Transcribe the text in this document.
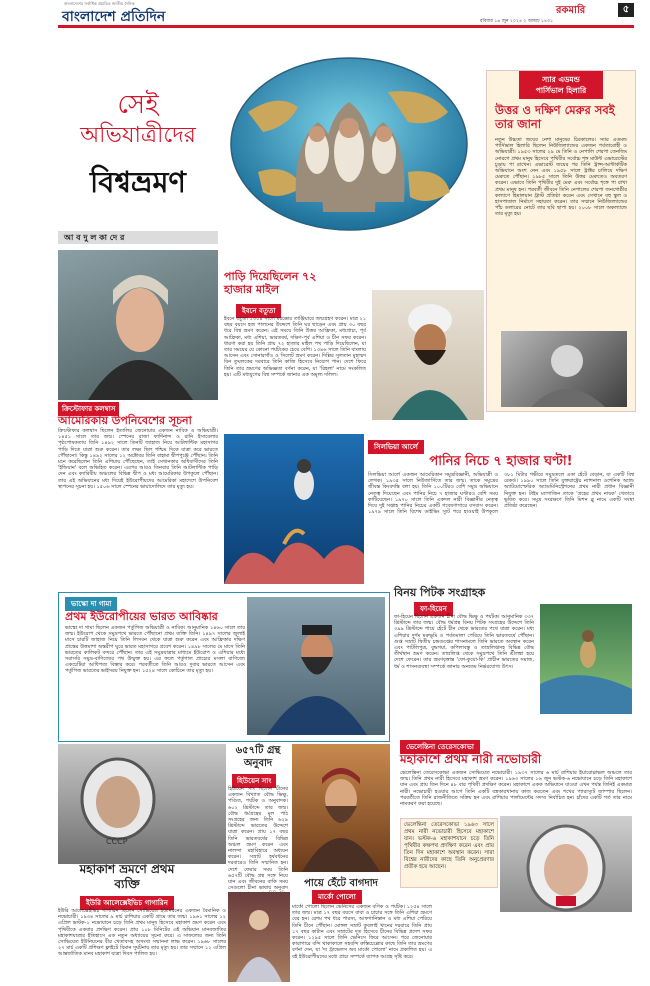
বাংলাদেশের সর্বাধিক প্রচারিত জাতীয় দৈনিক
বাংলাদেশ প্রতিদিন	রকমারি	৫
রবিবার ১৬ জুন ২০২৪ ২ আষাঢ় ১৪৩১
সেই
অভিযাত্রীদের
বিশ্বভ্রমণ
আ ব দু ল কা দে র
স্যার এডমন্ড
পার্সিভাল হিলারি
উত্তর ও দক্ষিণ মেরুর সবই তার জানা
নতুন উচ্চতা জয়ের নেশা মানুষের চিরকালের। স্যার এডমন্ড পার্সিভাল হিলারি ছিলেন নিউজিল্যান্ডের একজন পর্বতারোহী ও অভিযাত্রী। ১৯৫৩ সালের ২৯ মে তিনি ও নেপালি শেরপা তেনজিং নোরগে প্রথম মানুষ হিসেবে পৃথিবীর সর্বোচ্চ শৃঙ্গ মাউন্ট এভারেস্টের চূড়ায় পা রাখেন। এভারেস্ট জয়ের পর তিনি ট্রান্স-আন্টার্কটিক অভিযানে অংশ নেন এবং ১৯৫৮ সালে ট্রাক্টর চালিয়ে দক্ষিণ মেরুতে পৌঁছান। ১৯৮৫ সালে তিনি উত্তর মেরুতেও অবতরণ করেন। এভাবে তিনি পৃথিবীর দুই মেরু এবং সর্বোচ্চ শৃঙ্গে পা রাখা প্রথম মানুষ হন। পরবর্তী জীবনে তিনি নেপালের শেরপা জনগোষ্ঠীর কল্যাণে হিমালয়ান ট্রাস্ট প্রতিষ্ঠা করেন এবং সেখানে বহু স্কুল ও হাসপাতাল নির্মাণে সহায়তা করেন। তার সম্মানে নিউজিল্যান্ডের পাঁচ ডলারের নোটে তার ছবি ছাপা হয়। ২০০৮ সালে অকল্যান্ডে তার মৃত্যু হয়।
ক্রিস্টোফার কলম্বাস
আমেরিকায় উপনিবেশের সূচনা
ক্রিস্টোফার কলম্বাস ছিলেন ইতালির জেনোয়ার একজন নাবিক ও অভিযাত্রী। ১৪৫১ সালে তার জন্ম। স্পেনের রাজা ফার্দিনান্দ ও রানি ইসাবেলার পৃষ্ঠপোষকতায় তিনি ১৪৯২ সালে তিনটি জাহাজ নিয়ে আটলান্টিক মহাসাগর পাড়ি দিতে যাত্রা শুরু করেন। তার লক্ষ্য ছিল পশ্চিম দিকে যাত্রা করে ভারতে পৌঁছানো। কিন্তু ১৪৯২ সালের ১২ অক্টোবর তিনি বাহামা দ্বীপপুঞ্জে পৌঁছান। তিনি মনে করেছিলেন তিনি এশিয়ায় পৌঁছেছেন, তাই সেখানকার অধিবাসীদের তিনি 'ইন্ডিয়ান' বলে অভিহিত করেন। এরপর আরও তিনবার তিনি আটলান্টিক পাড়ি দেন এবং ক্যারিবীয় অঞ্চলের বিভিন্ন দ্বীপ ও মধ্য আমেরিকার উপকূলে পৌঁছান। তার এই অভিযানের মধ্য দিয়েই ইউরোপীয়দের আমেরিকা মহাদেশে উপনিবেশ স্থাপনের সূচনা হয়। ১৫০৬ সালে স্পেনের ভায়াদোলিদে তার মৃত্যু হয়।
পাড়ি দিয়েছিলেন ৭২ হাজার মাইল
ইবনে বতুতা
ইবনে বতুতা ১৩০৪ সালে মরক্কোর তাঞ্জিয়ারে জন্মগ্রহণ করেন। মাত্র ২১ বছর বয়সে হজ পালনের উদ্দেশে তিনি ঘর ছাড়েন এবং প্রায় ৩০ বছর ধরে বিশ্ব ভ্রমণ করেন। এই সময়ে তিনি উত্তর আফ্রিকা, মধ্যপ্রাচ্য, পূর্ব আফ্রিকা, মধ্য এশিয়া, ভারতবর্ষ, দক্ষিণ-পূর্ব এশিয়া ও চীন সফর করেন। ধারণা করা হয় তিনি প্রায় ৭২ হাজার মাইল পথ পাড়ি দিয়েছিলেন, যা তার সময়ের যে কোনো পর্যটকের চেয়ে বেশি। ১৩৪৬ সালে তিনি বাংলায় আসেন এবং সোনারগাঁও ও সিলেট ভ্রমণ করেন। দিল্লির সুলতান মুহাম্মদ বিন তুঘলকের দরবারে তিনি কাজি হিসেবে নিয়োগ পান। দেশে ফিরে তিনি তার ভ্রমণের অভিজ্ঞতা বর্ণনা করেন, যা 'রিহলা' নামে সংকলিত হয়। এটি মধ্যযুগের বিশ্ব সম্পর্কে জানার এক অমূল্য দলিল।
সিলভিয়া আর্লে
পানির নিচে ৭ হাজার ঘণ্টা!
সিলভিয়া আর্লে একজন আমেরিকান সমুদ্রবিজ্ঞানী, অভিযাত্রী ও লেখক। ১৯৩৫ সালে নিউজার্সিতে তার জন্ম। তাকে সমুদ্রের জীবন্ত কিংবদন্তি বলা হয়। তিনি ১০০টিরও বেশি সমুদ্র অভিযানে নেতৃত্ব দিয়েছেন এবং পানির নিচে ৭ হাজার ঘণ্টারও বেশি সময় কাটিয়েছেন। ১৯৭০ সালে তিনি একদল নারী বিজ্ঞানীর নেতৃত্ব দিয়ে দুই সপ্তাহ পানির নিচের একটি গবেষণাগারে বসবাস করেন। ১৯৭৯ সালে তিনি বিশেষ ডাইভিং স্যুট পরে হাওয়াই উপকূলে ৩৮১ মিটার গভীরে সমুদ্রতলে একা হেঁটে বেড়ান, যা একটি বিশ্ব রেকর্ড। ১৯৯০ সালে তিনি যুক্তরাষ্ট্রের ন্যাশনাল ওশেনিক অ্যান্ড অ্যাটমোস্ফেরিক অ্যাডমিনিস্ট্রেশনের প্রথম নারী প্রধান বিজ্ঞানী নিযুক্ত হন। টাইম ম্যাগাজিন তাকে 'গ্রহের প্রথম নায়ক' খেতাবে ভূষিত করে। সমুদ্র সংরক্ষণে তিনি মিশন ব্লু নামে একটি সংস্থা প্রতিষ্ঠা করেছেন।
ভাস্কো দা গামা
প্রথম ইউরোপীয়ের ভারত আবিষ্কার
ভাস্কো দা গামা ছিলেন একজন পর্তুগিজ অভিযাত্রী ও নাবিক। আনুমানিক ১৪৬০ সালে তার জন্ম। ইউরোপ থেকে সমুদ্রপথে ভারতে পৌঁছানো প্রথম ব্যক্তি তিনি। ১৪৯৭ সালের জুলাই মাসে চারটি জাহাজ নিয়ে তিনি লিসবন থেকে যাত্রা শুরু করেন এবং আফ্রিকার দক্ষিণ প্রান্তের উত্তমাশা অন্তরীপ ঘুরে ভারত মহাসাগরে প্রবেশ করেন। ১৪৯৮ সালের মে মাসে তিনি ভারতের কালিকট বন্দরে পৌঁছান। তার এই সমুদ্রযাত্রার মাধ্যমে ইউরোপ ও এশিয়ার মধ্যে সরাসরি সমুদ্র-বাণিজ্যের পথ উন্মুক্ত হয়। এর ফলে পর্তুগাল প্রাচ্যের মসলা বাণিজ্যে একচেটিয়া আধিপত্য বিস্তার করে। পরবর্তীতে তিনি আরও দুবার ভারতে আসেন এবং পর্তুগিজ ভারতের ভাইসরয় নিযুক্ত হন। ১৫২৪ সালে কোচিনে তার মৃত্যু হয়।
বিনয় পিটক সংগ্রাহক
ফা-হিয়েন
ফা-হিয়েন ছিলেন একজন চীনা বৌদ্ধ ভিক্ষু ও পর্যটক। আনুমানিক ৩৩৭ খ্রিস্টাব্দে তার জন্ম। বৌদ্ধ ধর্মগ্রন্থ বিনয় পিটক সংগ্রহের উদ্দেশে তিনি ৩৯৯ খ্রিস্টাব্দে পায়ে হেঁটে চীন থেকে ভারতের পথে যাত্রা করেন। মধ্য এশিয়ার দুর্গম মরুভূমি ও পর্বতমালা পেরিয়ে তিনি ভারতবর্ষে পৌঁছান। গুপ্ত সম্রাট দ্বিতীয় চন্দ্রগুপ্তের শাসনামলে তিনি ভারতে অবস্থান করেন এবং পাটলিপুত্র, বুদ্ধগয়া, কপিলাবস্তু ও তাম্রলিপ্তসহ বিভিন্ন বৌদ্ধ তীর্থস্থান ভ্রমণ করেন। তাম্রলিপ্ত থেকে সমুদ্রপথে তিনি শ্রীলঙ্কা হয়ে দেশে ফেরেন। তার ভ্রমণবৃত্তান্ত 'ফো-কুয়ো-কি' প্রাচীন ভারতের সমাজ, ধর্ম ও শাসনব্যবস্থা সম্পর্কে জানার অন্যতম নির্ভরযোগ্য উৎস।
CCCP
মহাকাশ ভ্রমণে প্রথম ব্যক্তি
ইউরি আলেক্সেইভিচ গাগারিন
ইউরি আলেক্সেইভিচ গাগারিন ছিলেন সোভিয়েত ইউনিয়নের একজন বৈমানিক ও নভোচারী। ১৯৩৪ সালের ৯ মার্চ রাশিয়ার একটি গ্রামে তার জন্ম। ১৯৬১ সালের ১২ এপ্রিল ভস্টক-১ নভোযানে চড়ে তিনি প্রথম মানুষ হিসেবে মহাকাশ ভ্রমণ করেন এবং পৃথিবীকে একবার প্রদক্ষিণ করেন। প্রায় ১০৮ মিনিটের এই অভিযান মানবজাতির মহাকাশযাত্রার ইতিহাসে এক নতুন অধ্যায়ের সূচনা করে। এ সাফল্যের জন্য তিনি সোভিয়েত ইউনিয়নের বীর খেতাবসহ অসংখ্য সম্মাননা লাভ করেন। ১৯৬৮ সালের ২৭ মার্চ একটি প্রশিক্ষণ ফ্লাইটে বিমান দুর্ঘটনায় তার মৃত্যু হয়। তার সম্মানে ১২ এপ্রিল আন্তর্জাতিক মানব মহাকাশ যাত্রা দিবস পালিত হয়।
৬৫৭টি গ্রন্থ অনুবাদ
হিউয়েন সাং
হিউয়েন সাং ছিলেন চীনের একজন বিখ্যাত বৌদ্ধ ভিক্ষু, পণ্ডিত, পর্যটক ও অনুবাদক। ৬০২ খ্রিস্টাব্দে তার জন্ম। বৌদ্ধ ধর্মগ্রন্থের মূল পাঠ সংগ্রহের জন্য তিনি ৬২৯ খ্রিস্টাব্দে ভারতের উদ্দেশে যাত্রা করেন। প্রায় ১৭ বছর তিনি ভারতবর্ষের বিভিন্ন অঞ্চল ভ্রমণ করেন এবং নালন্দা মহাবিহারে অধ্যয়ন করেন। সম্রাট হর্ষবর্ধনের দরবারেও তিনি সম্মানিত হন। দেশে ফেরার সময় তিনি ৬৫৭টি বৌদ্ধ গ্রন্থ সঙ্গে নিয়ে যান এবং জীবনের বাকি সময় সেগুলো চীনা ভাষায় অনুবাদ	পায়ে হেঁটে বাগদাদ
মার্কো পোলো
মার্কো পোলো ছিলেন ভেনিসের একজন বণিক ও পর্যটক। ১২৫৪ সালে তার জন্ম। মাত্র ১৭ বছর বয়সে বাবা ও চাচার সঙ্গে তিনি এশিয়া ভ্রমণে বের হন। রেশম পথ ধরে পারস্য, আফগানিস্তান ও মধ্য এশিয়া পেরিয়ে তিনি চীনে পৌঁছান। মোঙ্গল সম্রাট কুবলাই খানের দরবারে তিনি প্রায় ১৭ বছর কাটান এবং সম্রাটের দূত হিসেবে চীনের বিভিন্ন প্রদেশ সফর করেন। ১২৯৫ সালে তিনি ভেনিসে ফিরে আসেন। পরে জেনোয়ার কারাগারে বন্দি থাকাকালে সহবন্দি রুস্তিচেল্লোর কাছে তিনি তার ভ্রমণের বর্ণনা দেন, যা 'দ্য ট্রাভেলস অব মার্কো পোলো' নামে প্রকাশিত হয়। এ বই ইউরোপীয়দের মধ্যে প্রাচ্য সম্পর্কে ব্যাপক আগ্রহ সৃষ্টি করে।
ভেলেন্তিনা তেরেসকোভা
মহাকাশে প্রথম নারী নভোচারী
ভেলেন্তিনা তেরেসকোভা একজন সোভিয়েত নভোচারী। ১৯৩৭ সালের ৬ মার্চ রাশিয়ার ইয়ারোস্লাভল অঞ্চলে তার জন্ম। তিনি প্রথম নারী হিসেবে মহাকাশ ভ্রমণ করেন। ১৯৬৩ সালের ১৬ জুন ভস্টক-৬ নভোযানে চড়ে তিনি মহাকাশে যান এবং প্রায় তিন দিনে ৪৮ বার পৃথিবী প্রদক্ষিণ করেন। মহাকাশে একক অভিযানে যাওয়া এখন পর্যন্ত তিনিই একমাত্র নারী। নভোচারী হওয়ার আগে তিনি একটি বস্ত্রকারখানায় কাজ করতেন এবং শখের প্যারাস্যুট জাম্পার ছিলেন। পরবর্তীতে তিনি রাজনীতিতে সক্রিয় হন এবং রাশিয়ার পার্লামেন্টের সদস্য নির্বাচিত হন। চাঁদের একটি গর্ত তার নামে নামকরণ করা হয়েছে।
ভেলেন্তিনা তেরেসকোভা ১৯৬৩ সালে প্রথম নারী নভোচারী হিসেবে মহাকাশে যান। ভস্টক-৬ মহাকাশযানে চড়ে তিনি পৃথিবীর কক্ষপথ প্রদক্ষিণ করেন এবং প্রায় তিন দিন মহাকাশে অবস্থান করেন। সারা বিশ্বের নারীদের কাছে তিনি অনুপ্রেরণার প্রতীক হয়ে আছেন।
